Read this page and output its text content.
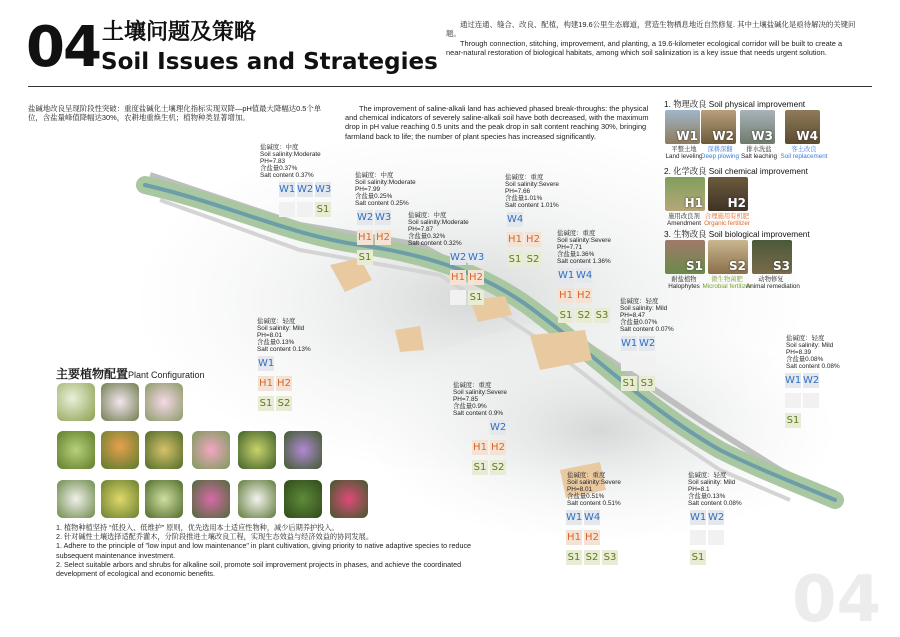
04 土壤问题及策略
Soil Issues and Strategies

通过连通、缝合、改良、配植，构建19.6公里生态廊道，营造生物栖息地近自然修复. 其中土壤盐碱化是亟待解决的关键问题。

Through connection, stitching, improvement, and planting, a 19.6-kilometer ecological corridor will be built to create a near-natural restoration of biological habitats, among which soil salinization is a key issue that needs urgent solution.

盐碱地改良呈现阶段性突破：重度盐碱化土壤理化指标实现双降—pH值最大降幅达0.5个单位，含盐量峰值降幅达30%，农耕地重焕生机；植物种类显著增加。
The improvement of saline-alkali land has achieved phased break-throughs: the physical and chemical indicators of severely saline-alkali soil have both decreased, with the maximum drop in pH value reaching 0.5 units and the peak drop in salt content reaching 30%, bringing farmland back to life; the number of plant species has increased significantly.
盐碱度：中度
Soil salinity:Moderate
PH=7.83
含盐量0.37%
Salt content 0.37%
W1 W2 W3
S1
盐碱度：中度
Soil salinity:Moderate
PH=7.99
含盐量0.25%
Salt content 0.25%
W2 W3
H1 H2
S1
盐碱度：中度
Soil salinity:Moderate
PH=7.87
含盐量0.32%
Salt content 0.32%
W2 W3
H1 H2
S1
盐碱度：重度
Soil salinity:Severe
PH=7.66
含盐量1.01%
Salt content 1.01%
W4
H1 H2
S1 S2
盐碱度：重度
Soil salinity:Severe
PH=7.71
含盐量1.36%
Salt content 1.36%
W1 W4
H1 H2
S1 S2 S3
盐碱度：轻度
Soil salinity: Mild
PH=8.47
含盐量0.07%
Salt content 0.07%
W1 W2
S1 S3
盐碱度：轻度
Soil salinity: Mild
PH=8.01
含盐量0.13%
Salt content 0.13%
W1
H1 H2
S1 S2
盐碱度：重度
Soil salinity:Severe
PH=7.85
含盐量0.9%
Salt content 0.9%
W2
H1 H2
S1 S2
盐碱度：轻度
Soil salinity: Mild
PH=8.39
含盐量0.08%
Salt content 0.08%
W1 W2
S1
盐碱度：重度
Soil salinity:Severe
PH=8.01
含盐量0.51%
Salt content 0.51%
W1 W4
H1 H2
S1 S2 S3
盐碱度：轻度
Soil salinity: Mild
PH=8.1
含盐量0.13%
Salt content 0.08%
W1 W2
S1
1. 物理改良 Soil physical improvement
2. 化学改良 Soil chemical improvement
3. 生物改良 Soil biological improvement
W1
平整土地
Land leveling
W2
深耕深翻
Deep plowing
W3
排水洗盐
Salt leaching
W4
客土改良
Soil replacement
H1
施用改良剂
Amendment
H2
合理施用有机肥
Organic fertilizer
S1
耐盐植物
Halophytes
S2
微生物菌肥
Microbial fertilizer
S3
动物修复
Animal remediation
主要植物配置Plant Configuration
1. 植物种植坚持 “低投入、低维护” 原则，优先选用本土适应性物种，减少后期养护投入。
2. 针对碱性土壤选择适配乔灌木，分阶段推进土壤改良工程，实现生态效益与经济效益的协同发展。
1. Adhere to the principle of "low input and low maintenance" in plant cultivation, giving priority to native adaptive species to reduce subsequent maintenance investment.
2. Select suitable arbors and shrubs for alkaline soil, promote soil improvement projects in phases, and achieve the coordinated development of ecological and economic benefits.	04
